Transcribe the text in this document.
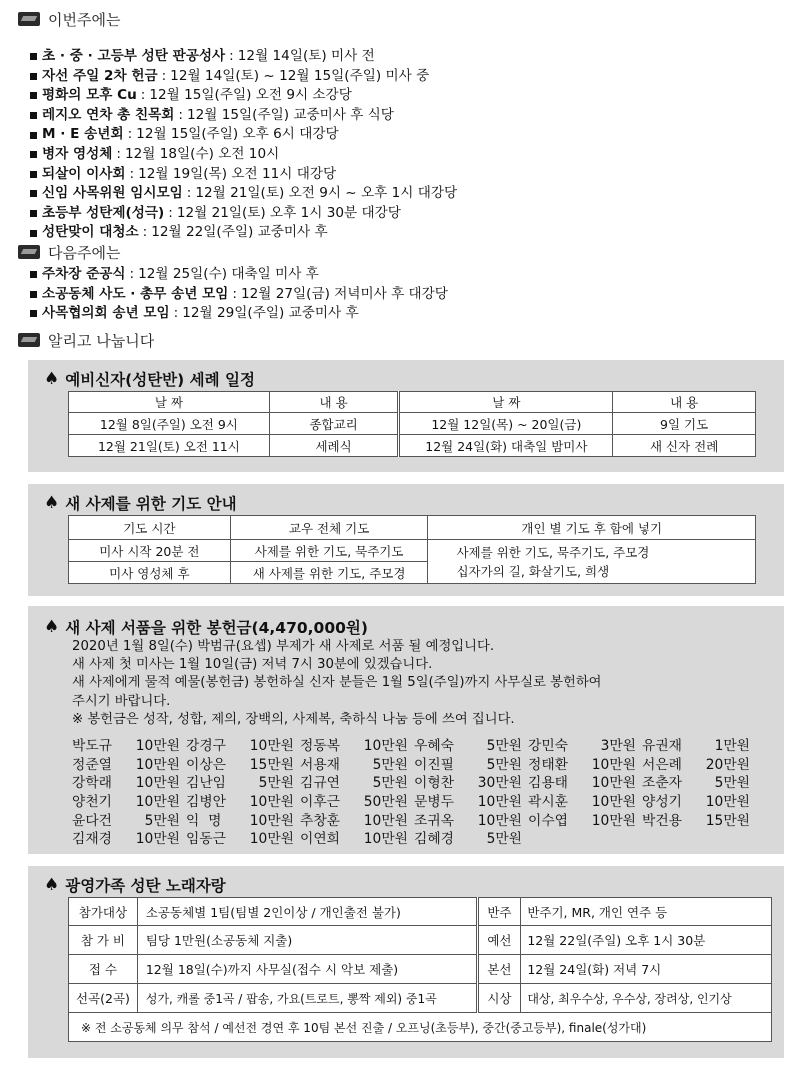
이번주에는
초 · 중 · 고등부 성탄 판공성사 : 12월 14일(토) 미사 전
자선 주일 2차 헌금 : 12월 14일(토) ~ 12월 15일(주일) 미사 중
평화의 모후 Cu : 12월 15일(주일) 오전 9시 소강당
레지오 연차 총 친목회 : 12월 15일(주일) 교중미사 후 식당
M · E 송년회 : 12월 15일(주일) 오후 6시 대강당
병자 영성체 : 12월 18일(수) 오전 10시
되살이 이사회 : 12월 19일(목) 오전 11시 대강당
신임 사목위원 임시모임 : 12월 21일(토) 오전 9시 ~ 오후 1시 대강당
초등부 성탄제(성극) : 12월 21일(토) 오후 1시 30분 대강당
성탄맞이 대청소 : 12월 22일(주일) 교중미사 후
다음주에는
주차장 준공식 : 12월 25일(수) 대축일 미사 후
소공동체 사도 · 총무 송년 모임 : 12월 27일(금) 저녁미사 후 대강당
사목협의회 송년 모임 : 12월 29일(주일) 교중미사 후
알리고 나눕니다
♠ 예비신자(성탄반) 세례 일정
날 짜	내 용	날 짜	내 용
12월 8일(주일) 오전 9시	종합교리	12월 12일(목) ~ 20일(금)	9일 기도
12월 21일(토) 오전 11시	세례식	12월 24일(화) 대축일 밤미사	새 신자 전례
♠ 새 사제를 위한 기도 안내
기도 시간	교우 전체 기도	개인 별 기도 후 함에 넣기
미사 시작 20분 전	사제를 위한 기도, 묵주기도	사제를 위한 기도, 묵주기도, 주모경
십자가의 길, 화살기도, 희생

미사 영성체 후	새 사제를 위한 기도, 주모경	
♠ 새 사제 서품을 위한 봉헌금(4,470,000원)
2020년 1월 8일(수) 박범규(요셉) 부제가 새 사제로 서품 될 예정입니다.
새 사제 첫 미사는 1월 10일(금) 저녁 7시 30분에 있겠습니다.
새 사제에게 물적 예물(봉헌금) 봉헌하실 신자 분들은 1월 5일(주일)까지 사무실로 봉헌하여
주시기 바랍니다.
※ 봉헌금은 성작, 성합, 제의, 장백의, 사제복, 축하식 나눔 등에 쓰여 집니다.
박도규	10만원 강경구	10만원 정동복	10만원 우혜숙	5만원 강민숙	3만원 유권재	1만원
정준열	10만원 이상은	15만원 서용재	5만원 이진필	5만원 정태환	10만원 서은례	20만원
강학래	10만원 김난임	5만원 김규연	5만원 이형찬	30만원 김용태	10만원 조춘자	5만원
양천기	10만원 김병안	10만원 이후근	50만원 문병두	10만원 곽시훈	10만원 양성기	10만원
윤다건	5만원 익  명	10만원 추창훈	10만원 조귀옥	10만원 이수엽	10만원 박건용	15만원
김재경	10만원 임동근	10만원 이연희	10만원 김혜경	5만원
♠ 광영가족 성탄 노래자랑
참가대상	소공동체별 1팀(팀별 2인이상 / 개인출전 불가)	반주	반주기, MR, 개인 연주 등
참 가 비	팀당 1만원(소공동체 지출)	예선	12월 22일(주일) 오후 1시 30분
접 수	12월 18일(수)까지 사무실(접수 시 악보 제출)	본선	12월 24일(화) 저녁 7시
선곡(2곡)	성가, 캐롤 중1곡 / 팝송, 가요(트로트, 뽕짝 제외) 중1곡	시상	대상, 최우수상, 우수상, 장려상, 인기상
※ 전 소공동체 의무 참석 / 예선전 경연 후 10팀 본선 진출 / 오프닝(초등부), 중간(중고등부), finale(성가대)			
